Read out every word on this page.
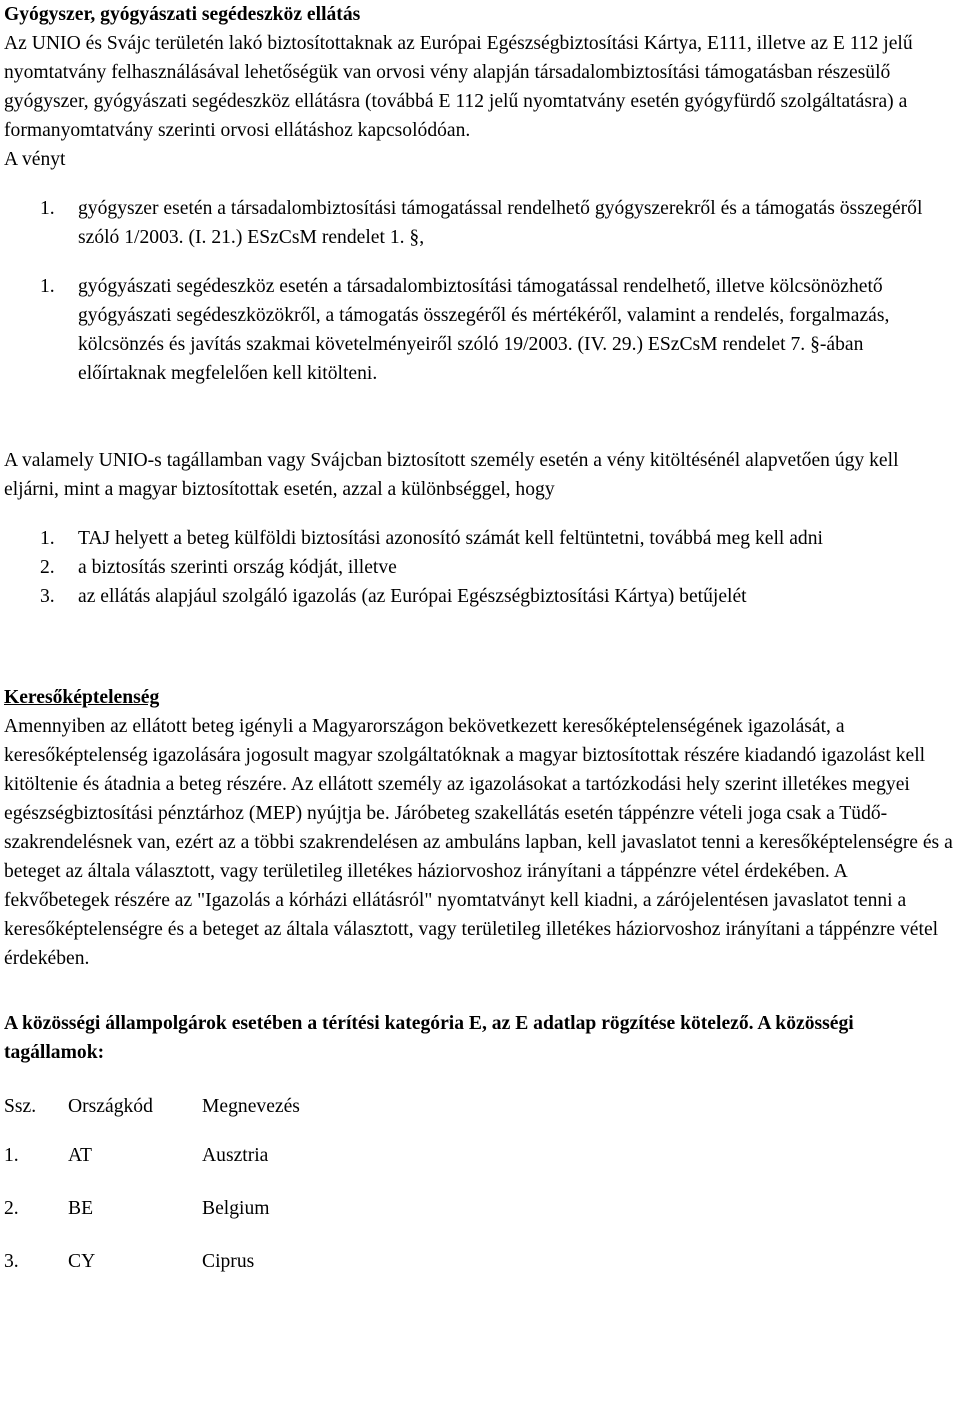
Gyógyszer, gyógyászati segédeszköz ellátás

Az UNIO és Svájc területén lakó biztosítottaknak az Európai Egészségbiztosítási Kártya, E111, illetve az E 112 jelű nyomtatvány felhasználásával lehetőségük van orvosi vény alapján társadalombiztosítási támogatásban részesülő gyógyszer, gyógyászati segédeszköz ellátásra (továbbá E 112 jelű nyomtatvány esetén gyógyfürdő szolgáltatásra) a formanyomtatvány szerinti orvosi ellátáshoz kapcsolódóan.

A vényt

1. gyógyszer esetén a társadalombiztosítási támogatással rendelhető gyógyszerekről és a támogatás összegéről szóló 1/2003. (I. 21.) ESzCsM rendelet 1. §,
1. gyógyászati segédeszköz esetén a társadalombiztosítási támogatással rendelhető, illetve kölcsönözhető gyógyászati segédeszközökről, a támogatás összegéről és mértékéről, valamint a rendelés, forgalmazás, kölcsönzés és javítás szakmai követelményeiről szóló 19/2003. (IV. 29.) ESzCsM rendelet 7. §-ában előírtaknak megfelelően kell kitölteni.

A valamely UNIO-s tagállamban vagy Svájcban biztosított személy esetén a vény kitöltésénél alapvetően úgy kell eljárni, mint a magyar biztosítottak esetén, azzal a különbséggel, hogy

1. TAJ helyett a beteg külföldi biztosítási azonosító számát kell feltüntetni, továbbá meg kell adni
2. a biztosítás szerinti ország kódját, illetve
3. az ellátás alapjául szolgáló igazolás (az Európai Egészségbiztosítási Kártya) betűjelét
Keresőképtelenség

Amennyiben az ellátott beteg igényli a Magyarországon bekövetkezett keresőképtelenségének igazolását, a keresőképtelenség igazolására jogosult magyar szolgáltatóknak a magyar biztosítottak részére kiadandó igazolást kell kitöltenie és átadnia a beteg részére. Az ellátott személy az igazolásokat a tartózkodási hely szerint illetékes megyei egészségbiztosítási pénztárhoz (MEP) nyújtja be. Járóbeteg szakellátás esetén táppénzre vételi joga csak a Tüdő-szakrendelésnek van, ezért az a többi szakrendelésen az ambuláns lapban, kell javaslatot tenni a keresőképtelenségre és a beteget az általa választott, vagy területileg illetékes háziorvoshoz irányítani a táppénzre vétel érdekében. A fekvőbetegek részére az "Igazolás a kórházi ellátásról" nyomtatványt kell kiadni, a zárójelentésen javaslatot tenni a keresőképtelenségre és a beteget az általa választott, vagy területileg illetékes háziorvoshoz irányítani a táppénzre vétel érdekében.

A közösségi állampolgárok esetében a térítési kategória E, az E adatlap rögzítése kötelező. A közösségi tagállamok:

Ssz.	Országkód	Megnevezés
1.	AT	Ausztria
2.	BE	Belgium
3.	CY	Ciprus
